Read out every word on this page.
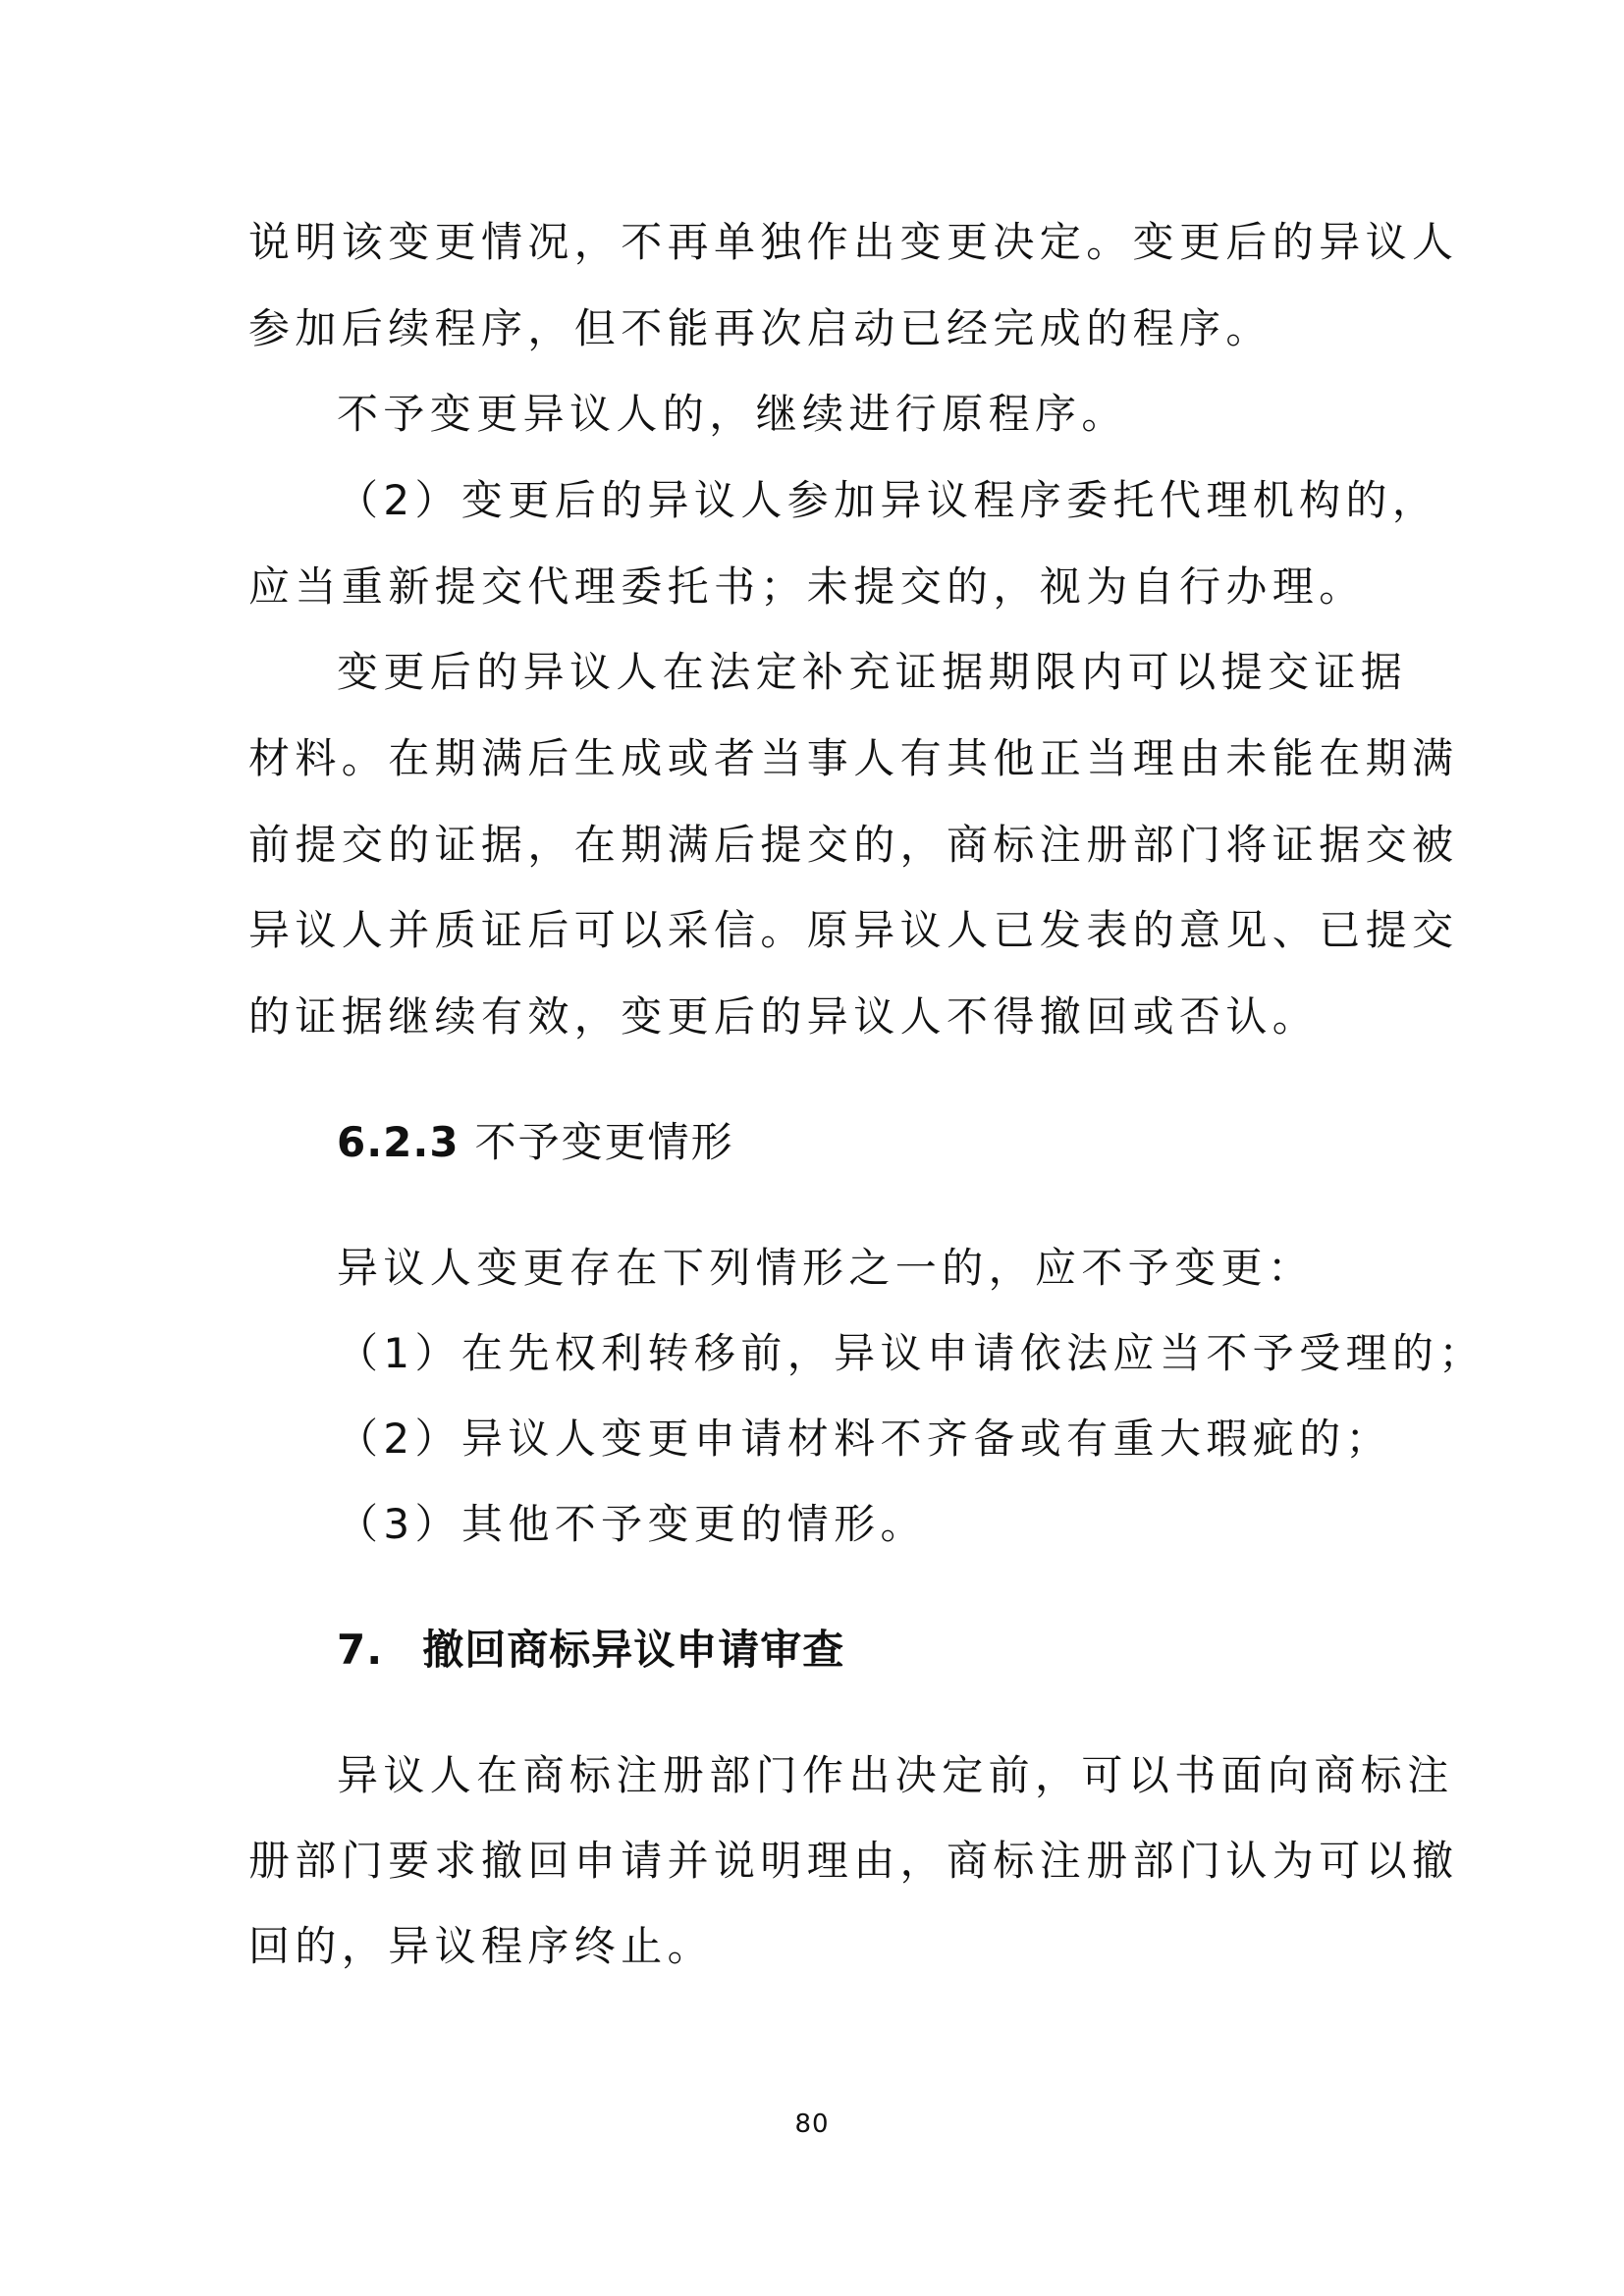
说明该变更情况，不再单独作出变更决定。变更后的异议人
参加后续程序，但不能再次启动已经完成的程序。
不予变更异议人的，继续进行原程序。
（2）变更后的异议人参加异议程序委托代理机构的，
应当重新提交代理委托书；未提交的，视为自行办理。
变更后的异议人在法定补充证据期限内可以提交证据
材料。在期满后生成或者当事人有其他正当理由未能在期满
前提交的证据，在期满后提交的，商标注册部门将证据交被
异议人并质证后可以采信。原异议人已发表的意见、已提交
的证据继续有效，变更后的异议人不得撤回或否认。
6.2.3 不予变更情形
异议人变更存在下列情形之一的，应不予变更：
（1）在先权利转移前，异议申请依法应当不予受理的；
（2）异议人变更申请材料不齐备或有重大瑕疵的；
（3）其他不予变更的情形。
7. 撤回商标异议申请审查
异议人在商标注册部门作出决定前，可以书面向商标注
册部门要求撤回申请并说明理由，商标注册部门认为可以撤
回的，异议程序终止。
80
